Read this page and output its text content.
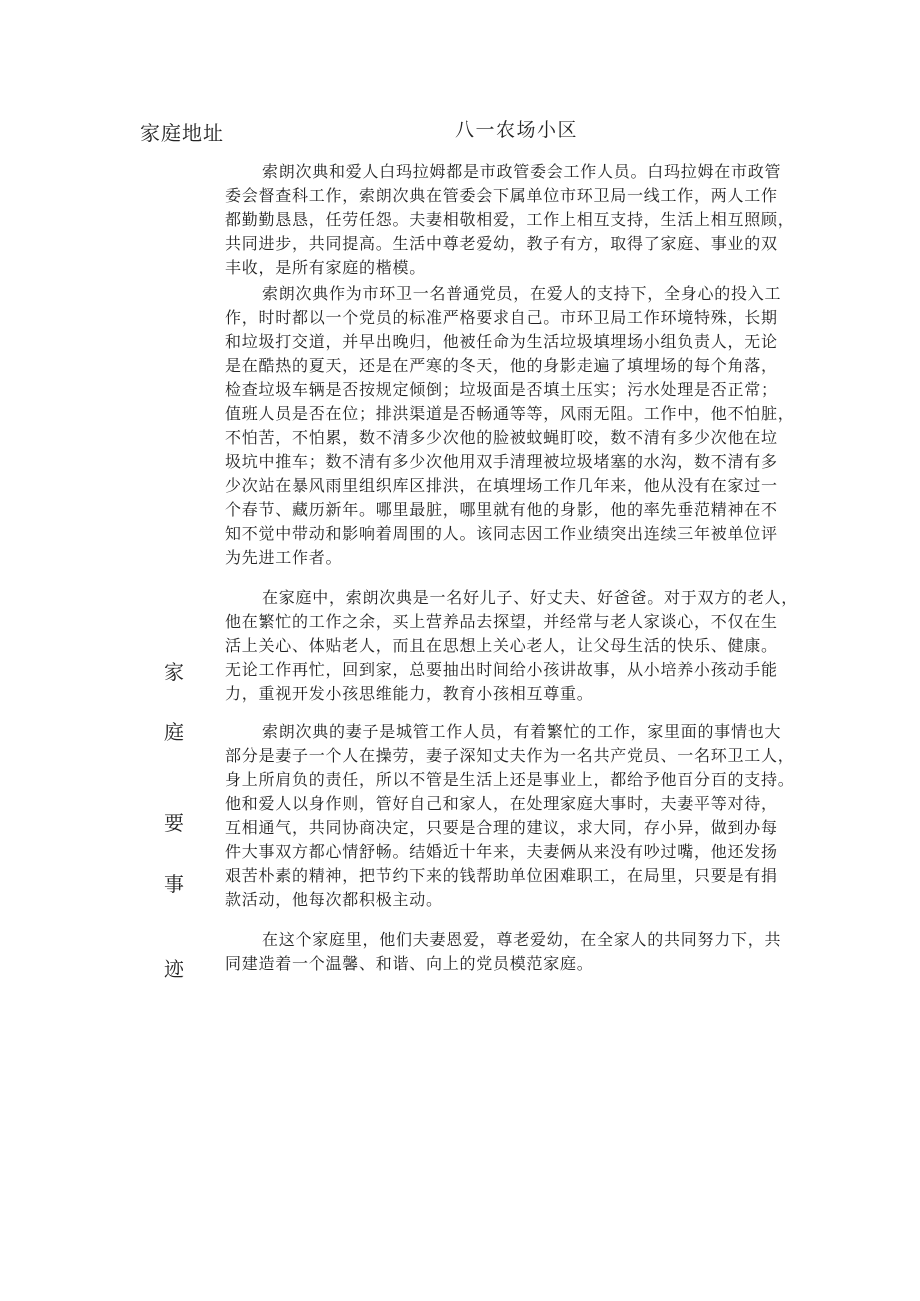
家庭地址	八一农场小区
家
庭
要
事
迹
索朗次典和爱人白玛拉姆都是市政管委会工作人员。白玛拉姆在市政管
委会督查科工作，索朗次典在管委会下属单位市环卫局一线工作，两人工作
都勤勤恳恳，任劳任怨。夫妻相敬相爱，工作上相互支持，生活上相互照顾，
共同进步，共同提高。生活中尊老爱幼，教子有方，取得了家庭、事业的双
丰收，是所有家庭的楷模。
索朗次典作为市环卫一名普通党员，在爱人的支持下，全身心的投入工
作，时时都以一个党员的标准严格要求自己。市环卫局工作环境特殊，长期
和垃圾打交道，并早出晚归，他被任命为生活垃圾填埋场小组负责人，无论
是在酷热的夏天，还是在严寒的冬天，他的身影走遍了填埋场的每个角落，
检查垃圾车辆是否按规定倾倒；垃圾面是否填土压实；污水处理是否正常；
值班人员是否在位；排洪渠道是否畅通等等，风雨无阻。工作中，他不怕脏，
不怕苦，不怕累，数不清多少次他的脸被蚊蝇盯咬，数不清有多少次他在垃
圾坑中推车；数不清有多少次他用双手清理被垃圾堵塞的水沟，数不清有多
少次站在暴风雨里组织库区排洪，在填埋场工作几年来，他从没有在家过一
个春节、藏历新年。哪里最脏，哪里就有他的身影，他的率先垂范精神在不
知不觉中带动和影响着周围的人。该同志因工作业绩突出连续三年被单位评
为先进工作者。
在家庭中，索朗次典是一名好儿子、好丈夫、好爸爸。对于双方的老人，
他在繁忙的工作之余，买上营养品去探望，并经常与老人家谈心，不仅在生
活上关心、体贴老人，而且在思想上关心老人，让父母生活的快乐、健康。
无论工作再忙，回到家，总要抽出时间给小孩讲故事，从小培养小孩动手能
力，重视开发小孩思维能力，教育小孩相互尊重。
索朗次典的妻子是城管工作人员，有着繁忙的工作，家里面的事情也大
部分是妻子一个人在操劳，妻子深知丈夫作为一名共产党员、一名环卫工人，
身上所肩负的责任，所以不管是生活上还是事业上，都给予他百分百的支持。
他和爱人以身作则，管好自己和家人，在处理家庭大事时，夫妻平等对待，
互相通气，共同协商决定，只要是合理的建议，求大同，存小异，做到办每
件大事双方都心情舒畅。结婚近十年来，夫妻俩从来没有吵过嘴，他还发扬
艰苦朴素的精神，把节约下来的钱帮助单位困难职工，在局里，只要是有捐
款活动，他每次都积极主动。
在这个家庭里，他们夫妻恩爱，尊老爱幼，在全家人的共同努力下，共
同建造着一个温馨、和谐、向上的党员模范家庭。
